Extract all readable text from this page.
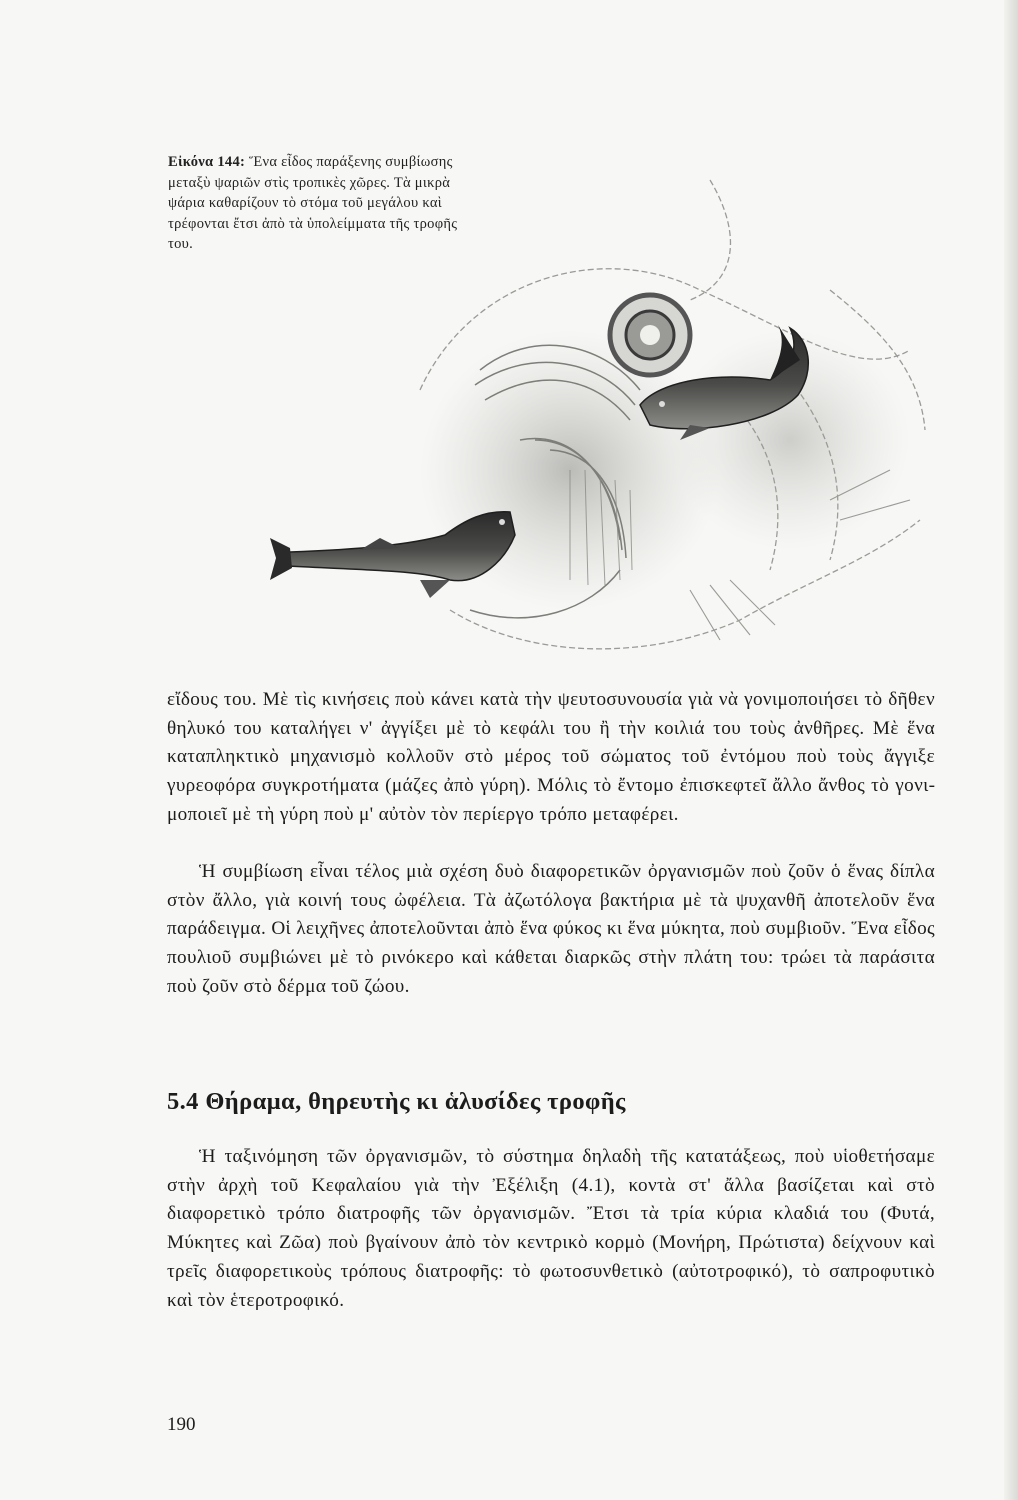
Εἰκόνα 144: Ἕνα εἶδος παράξενης συμβίωσης μεταξὺ ψαριῶν στὶς τροπικὲς χῶρες. Τὰ μικρὰ ψάρια καθαρίζουν τὸ στόμα τοῦ μεγάλου καὶ τρέφονται ἔτσι ἀπὸ τὰ ὑπολείμματα τῆς τροφῆς του.

εἴδους του. Μὲ τὶς κινήσεις ποὺ κάνει κατὰ τὴν ψευτοσυνουσία γιὰ νὰ γονιμοποιήσει τὸ δῆθεν θηλυκό του καταλήγει ν' ἀγγίξει μὲ τὸ κεφάλι του ἢ τὴν κοιλιά του τοὺς ἀνθῆρες. Μὲ ἕνα καταπληκτικὸ μηχανισμὸ κολλοῦν στὸ μέρος τοῦ σώματος τοῦ ἐντόμου ποὺ τοὺς ἄγγιξε γυρεοφόρα συγκροτήματα (μάζες ἀπὸ γύρη). Μόλις τὸ ἔντομο ἐπισκεφτεῖ ἄλλο ἄνθος τὸ γονιμοποιεῖ μὲ τὴ γύρη ποὺ μ' αὐτὸν τὸν περίεργο τρόπο μεταφέρει.

Ἡ συμβίωση εἶναι τέλος μιὰ σχέση δυὸ διαφορετικῶν ὀργανισμῶν ποὺ ζοῦν ὁ ἕνας δίπλα στὸν ἄλλο, γιὰ κοινή τους ὠφέλεια. Τὰ ἀζωτόλογα βακτήρια μὲ τὰ ψυχανθῆ ἀποτελοῦν ἕνα παράδειγμα. Οἱ λειχῆνες ἀποτελοῦνται ἀπὸ ἕνα φύκος κι ἕνα μύκητα, ποὺ συμβιοῦν. Ἕνα εἶδος πουλιοῦ συμβιώνει μὲ τὸ ρινόκερο καὶ κάθεται διαρκῶς στὴν πλάτη του: τρώει τὰ παράσιτα ποὺ ζοῦν στὸ δέρμα τοῦ ζώου.

5.4 Θήραμα, θηρευτὴς κι ἁλυσίδες τροφῆς

Ἡ ταξινόμηση τῶν ὀργανισμῶν, τὸ σύστημα δηλαδὴ τῆς κατατάξεως, ποὺ υἱοθετήσαμε στὴν ἀρχὴ τοῦ Κεφαλαίου γιὰ τὴν Ἐξέλιξη (4.1), κοντὰ στ' ἄλλα βασίζεται καὶ στὸ διαφορετικὸ τρόπο διατροφῆς τῶν ὀργανισμῶν. Ἔτσι τὰ τρία κύρια κλαδιά του (Φυτά, Μύκητες καὶ Ζῶα) ποὺ βγαίνουν ἀπὸ τὸν κεντρικὸ κορμὸ (Μονήρη, Πρώτιστα) δείχνουν καὶ τρεῖς διαφορετικοὺς τρόπους διατροφῆς: τὸ φωτοσυνθετικὸ (αὐτοτροφικό), τὸ σαπροφυτικὸ καὶ τὸν ἑτεροτροφικό.

190
